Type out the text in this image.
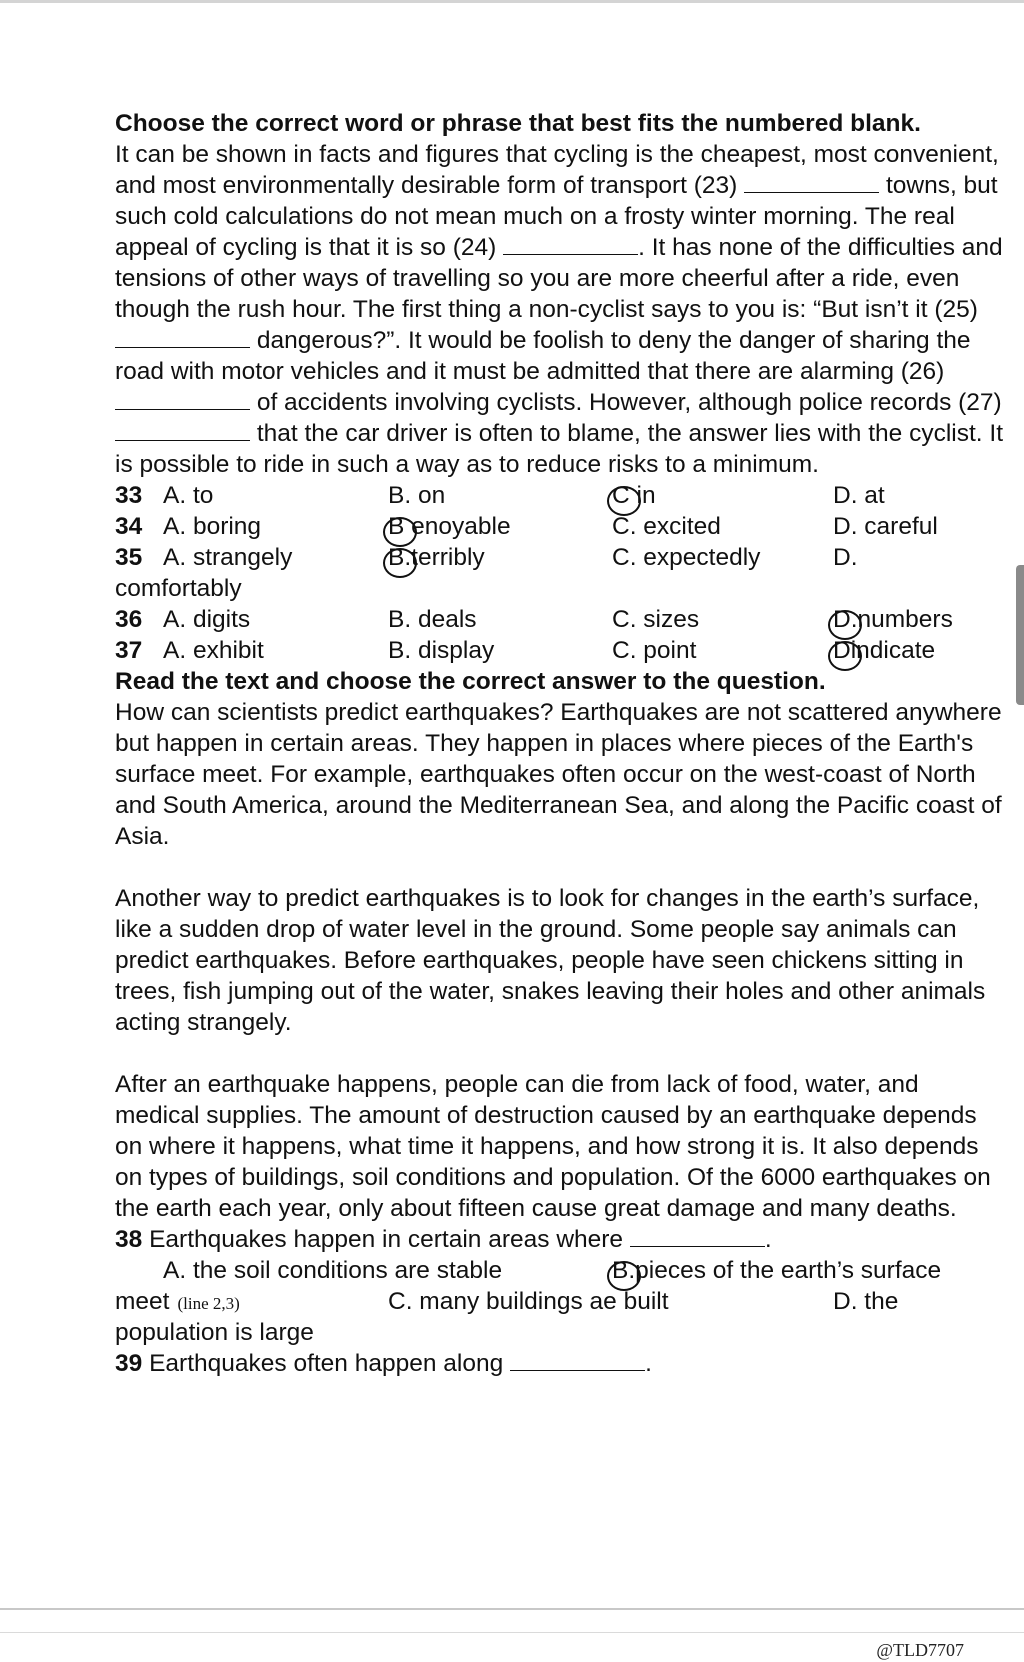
Choose the correct word or phrase that best fits the numbered blank.

It can be shown in facts and figures that cycling is the cheapest, most convenient, and most environmentally desirable form of transport (23)	towns, but such cold calculations do not mean much on a frosty winter morning. The real appeal of cycling is that it is so (24)	. It has none of the difficulties and tensions of other ways of travelling so you are more cheerful after a ride, even though the rush hour. The first thing a non-cyclist says to you is: “But isn’t it (25)  dangerous?”. It would be foolish to deny the danger of sharing the road with motor vehicles and it must be admitted that there are alarming (26)  of accidents involving cyclists. However, although police records (27)  that the car driver is often to blame, the answer lies with the cyclist. It is possible to ride in such a way as to reduce risks to a minimum.

33 A. to	B. on	C in	D. at
34 A. boring	B enoyable	C. excited	D. careful
35 A. strangely	B.terribly	C. expectedly	D.

comfortably

36 A. digits	B. deals	C. sizes	D.numbers
37 A. exhibit	B. display	C. point	Dindicate

Read the text and choose the correct answer to the question.

How can scientists predict earthquakes? Earthquakes are not scattered anywhere but happen in certain areas. They happen in places where pieces of the Earth's surface meet. For example, earthquakes often occur on the west-coast of North and South America, around the Mediterranean Sea, and along the Pacific coast of Asia.

Another way to predict earthquakes is to look for changes in the earth’s surface, like a sudden drop of water level in the ground. Some people say animals can predict earthquakes. Before earthquakes, people have seen chickens sitting in trees, fish jumping out of the water, snakes leaving their holes and other animals acting strangely.

After an earthquake happens, people can die from lack of food, water, and medical supplies. The amount of destruction caused by an earthquake depends on where it happens, what time it happens, and how strong it is. It also depends on types of buildings, soil conditions and population. Of the 6000 earthquakes on the earth each year, only about fifteen cause great damage and many deaths.

38 Earthquakes happen in certain areas where	.

A. the soil conditions are stable	B.pieces of the earth’s surface
meet (line 2,3)	C. many buildings ae built	D. the

population is large

39 Earthquakes often happen along	.

@TLD7707
